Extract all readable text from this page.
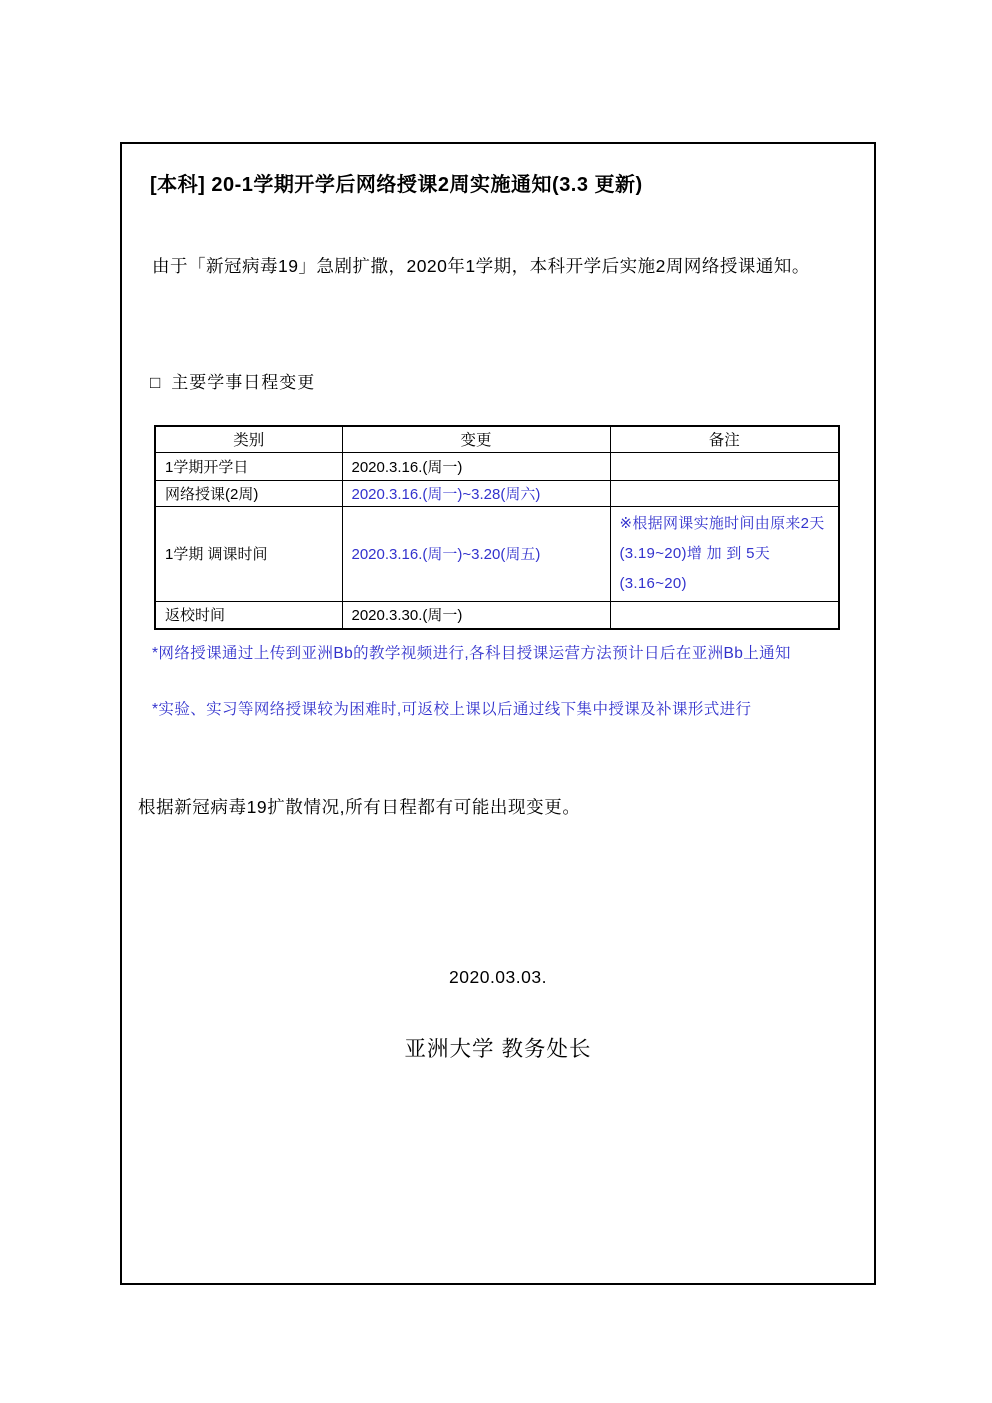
[本科] 20-1学期开学后网络授课2周实施通知(3.3 更新)
由于「新冠病毒19」急剧扩撒，2020年1学期，本科开学后实施2周网络授课通知。
□ 主要学事日程变更
类别	变更	备注
1学期开学日	2020.3.16.(周一)	
网络授课(2周)	2020.3.16.(周一)~3.28(周六)	
1学期 调课时间	2020.3.16.(周一)~3.20(周五)	※根据网课实施时间由原来2天(3.19~20)增 加 到 5天(3.16~20)
返校时间	2020.3.30.(周一)	
*网络授课通过上传到亚洲Bb的教学视频进行,各科目授课运营方法预计日后在亚洲Bb上通知
*实验、实习等网络授课较为困难时,可返校上课以后通过线下集中授课及补课形式进行
根据新冠病毒19扩散情况,所有日程都有可能出现变更。
2020.03.03.
亚洲大学 教务处长
